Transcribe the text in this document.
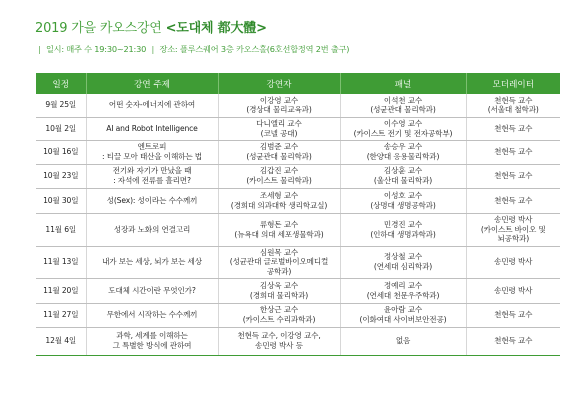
2019 가을 카오스강연 <도대체 都大體>
| 일시: 매주 수 19:30~21:30 | 장소: 플루스퀘어 3층 카오스홀(6호선합정역 2번 출구)
일정	강연 주제	강연자	패널	모더레이터
9월 25일	어떤 숫자-에너지에 관하여	이강영 교수
(경상대 물리교육과)	이석천 교수
(성균관대 물리학과)	천현득 교수
(서울대 철학과)

10월 2일	AI and Robot Intelligence	다니엘리 교수
(코넬 공대)	이수영 교수
(카이스트 전기 및 전자공학부)	천현득 교수

10월 16일	엔트로피
: 티끌 모아 태산을 이해하는 법	김범준 교수
(성균관대 물리학과)	송승우 교수
(한양대 응용물리학과)	천현득 교수

10월 23일	전기와 자기가 만났을 때
: 자석에 전류를 흘리면?	김갑진 교수
(카이스트 물리학과)	김상훈 교수
(울산대 물리학과)	천현득 교수

10월 30일	성(Sex): 성이라는 수수께끼	조세형 교수
(경희대 의과대학 생리학교실)	이성호 교수
(상명대 생명공학과)	천현득 교수

11월 6일	성장과 노화의 연결고리	류형돈 교수
(뉴욕대 의대 세포생물학과)	민경진 교수
(인하대 생명과학과)	송민령 박사
(카이스트 바이오 및
뇌공학과)

11월 13일	내가 보는 세상, 뇌가 보는 세상	심원목 교수
(성균관대 글로벌바이오메디컬
공학과)	정상철 교수
(연세대 심리학과)	송민령 박사

11월 20일	도대체 시간이란 무엇인가?	김상욱 교수
(경희대 물리학과)	정예리 교수
(연세대 천문우주학과)	송민령 박사

11월 27일	무한에서 시작하는 수수께끼	한상근 교수
(카이스트 수리과학과)	윤아람 교수
(이화여대 사이버보안전공)	천현득 교수

12월 4일	과학, 세계를 이해하는
그 특별한 방식에 관하여	천현득 교수, 이강영 교수,
송민령 박사 등	없음	천현득 교수
